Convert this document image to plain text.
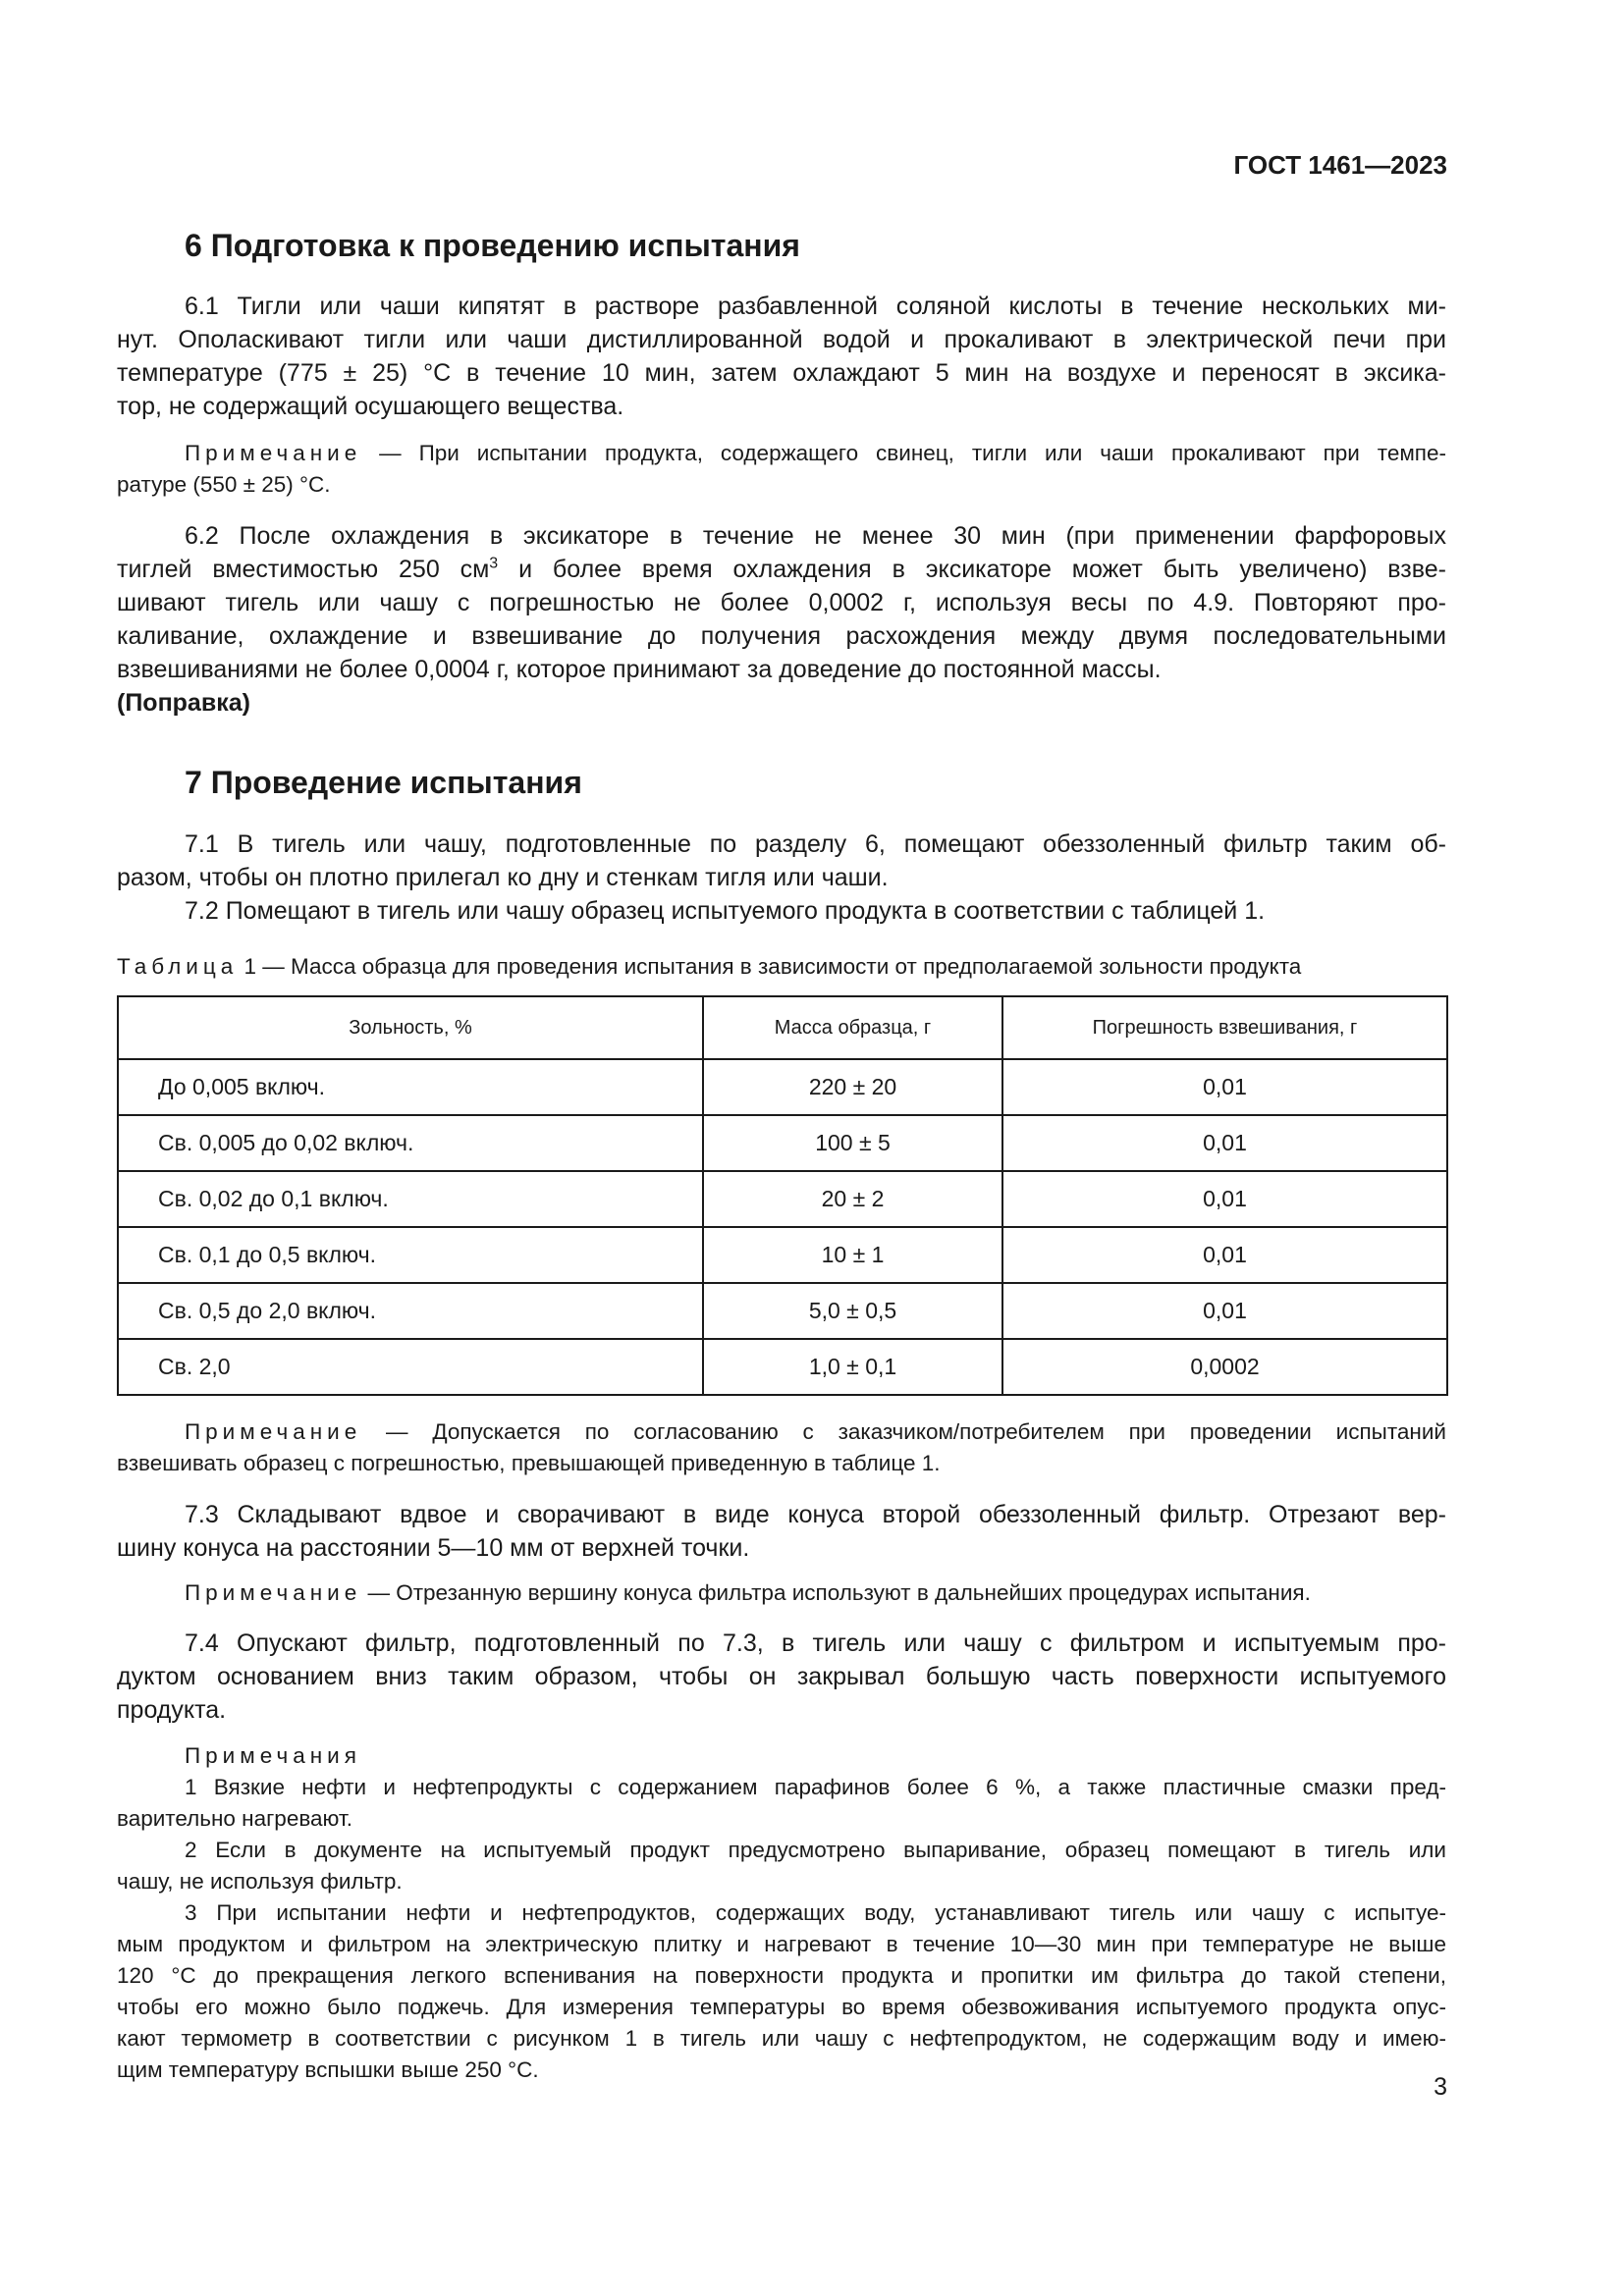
ГОСТ 1461—2023
6 Подготовка к проведению испытания
6.1 Тигли или чаши кипятят в растворе разбавленной соляной кислоты в течение нескольких ми-
нут. Ополаскивают тигли или чаши дистиллированной водой и прокаливают в электрической печи при
температуре (775 ± 25) °С в течение 10 мин, затем охлаждают 5 мин на воздухе и переносят в эксика-
тор, не содержащий осушающего вещества.
Примечание — При испытании продукта, содержащего свинец, тигли или чаши прокаливают при темпе-
ратуре (550 ± 25) °С.
6.2 После охлаждения в эксикаторе в течение не менее 30 мин (при применении фарфоровых
тиглей вместимостью 250 $см^3$ и более время охлаждения в эксикаторе может быть увеличено) взве-
шивают тигель или чашу с погрешностью не более 0,0002 г, используя весы по 4.9. Повторяют про-
каливание, охлаждение и взвешивание до получения расхождения между двумя последовательными
взвешиваниями не более 0,0004 г, которое принимают за доведение до постоянной массы.
(Поправка)
7 Проведение испытания
7.1 В тигель или чашу, подготовленные по разделу 6, помещают обеззоленный фильтр таким об-
разом, чтобы он плотно прилегал ко дну и стенкам тигля или чаши.
7.2 Помещают в тигель или чашу образец испытуемого продукта в соответствии с таблицей 1.
Таблица 1 — Масса образца для проведения испытания в зависимости от предполагаемой зольности продукта
Зольность, %	Масса образца, г	Погрешность взвешивания, г
До 0,005 включ.	220 ± 20	0,01
Св. 0,005 до 0,02 включ.	100 ± 5	0,01
Св. 0,02 до 0,1 включ.	20 ± 2	0,01
Св. 0,1 до 0,5 включ.	10 ± 1	0,01
Св. 0,5 до 2,0 включ.	5,0 ± 0,5	0,01
Св. 2,0	1,0 ± 0,1	0,0002
Примечание — Допускается по согласованию с заказчиком/потребителем при проведении испытаний
взвешивать образец с погрешностью, превышающей приведенную в таблице 1.
7.3 Складывают вдвое и сворачивают в виде конуса второй обеззоленный фильтр. Отрезают вер-
шину конуса на расстоянии 5—10 мм от верхней точки.
Примечание — Отрезанную вершину конуса фильтра используют в дальнейших процедурах испытания.
7.4 Опускают фильтр, подготовленный по 7.3, в тигель или чашу с фильтром и испытуемым про-
дуктом основанием вниз таким образом, чтобы он закрывал большую часть поверхности испытуемого
продукта.
Примечания
1 Вязкие нефти и нефтепродукты с содержанием парафинов более 6 %, а также пластичные смазки пред-
варительно нагревают.
2 Если в документе на испытуемый продукт предусмотрено выпаривание, образец помещают в тигель или
чашу, не используя фильтр.
3 При испытании нефти и нефтепродуктов, содержащих воду, устанавливают тигель или чашу с испытуе-
мым продуктом и фильтром на электрическую плитку и нагревают в течение 10—30 мин при температуре не выше
120 °С до прекращения легкого вспенивания на поверхности продукта и пропитки им фильтра до такой степени,
чтобы его можно было поджечь. Для измерения температуры во время обезвоживания испытуемого продукта опус-
кают термометр в соответствии с рисунком 1 в тигель или чашу с нефтепродуктом, не содержащим воду и имею-
щим температуру вспышки выше 250 °С.
3
